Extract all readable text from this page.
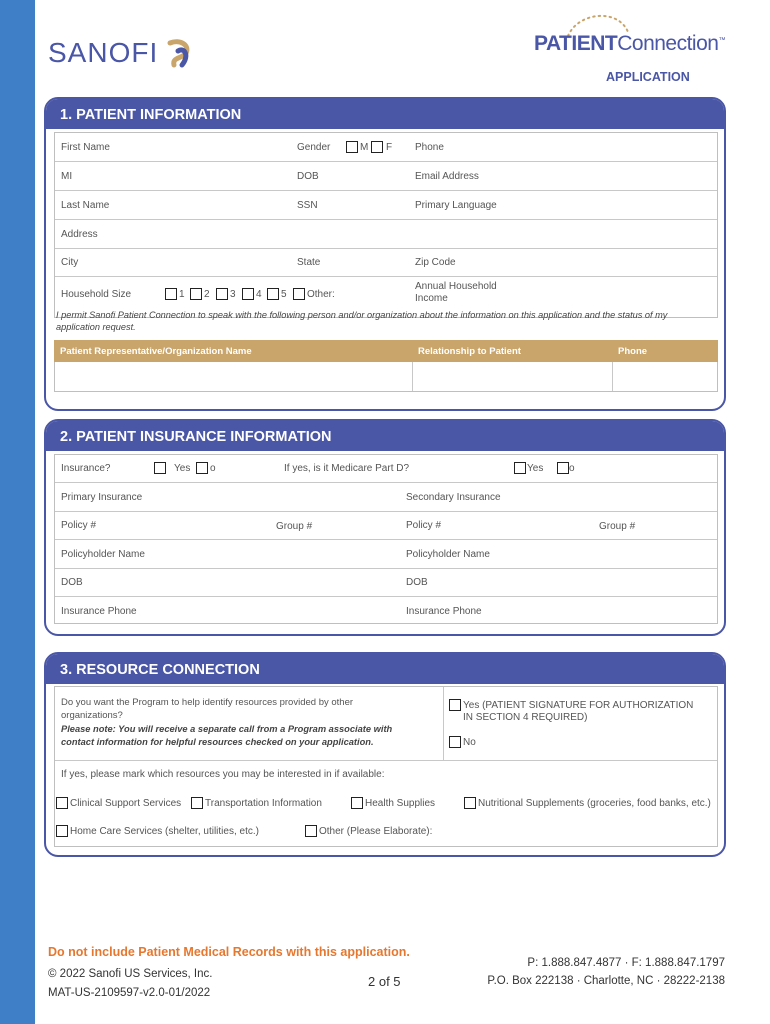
SANOFI	PATIENTConnection™
APPLICATION
1. PATIENT INFORMATION
First Name	Gender	M F Phone
MI	DOB	Email Address
Last Name	SSN	Primary Language
Address
City	State	Zip Code
Household Size	1 2 3 4 5 Other:
Annual Household
Income
I permit Sanofi Patient Connection to speak with the following person and/or organization about the information on this application and the status of my application request.
Patient Representative/Organization Name	Relationship to Patient	Phone
2. PATIENT INSURANCE INFORMATION
Insurance?	Yes o	If yes, is it Medicare Part D?	Yes	o
Primary Insurance	Secondary Insurance
Policy #	Group #	Policy #	Group #
Policyholder Name	Policyholder Name
DOB	DOB
Insurance Phone	Insurance Phone
3. RESOURCE CONNECTION
Do you want the Program to help identify resources provided by other
organizations?
Please note: You will receive a separate call from a Program associate with
contact information for helpful resources checked on your application.
Yes (PATIENT SIGNATURE FOR AUTHORIZATION
IN SECTION 4 REQUIRED)
No
If yes, please mark which resources you may be interested in if available:
Clinical Support Services Transportation Information	Health Supplies	Nutritional Supplements (groceries, food banks, etc.)
Home Care Services (shelter, utilities, etc.)	Other (Please Elaborate):
Do not include Patient Medical Records with this application.
© 2022 Sanofi US Services, Inc.
MAT-US-2109597-v2.0-01/2022
2 of 5
P: 1.888.847.4877 · F: 1.888.847.1797
P.O. Box 222138 · Charlotte, NC · 28222-2138
